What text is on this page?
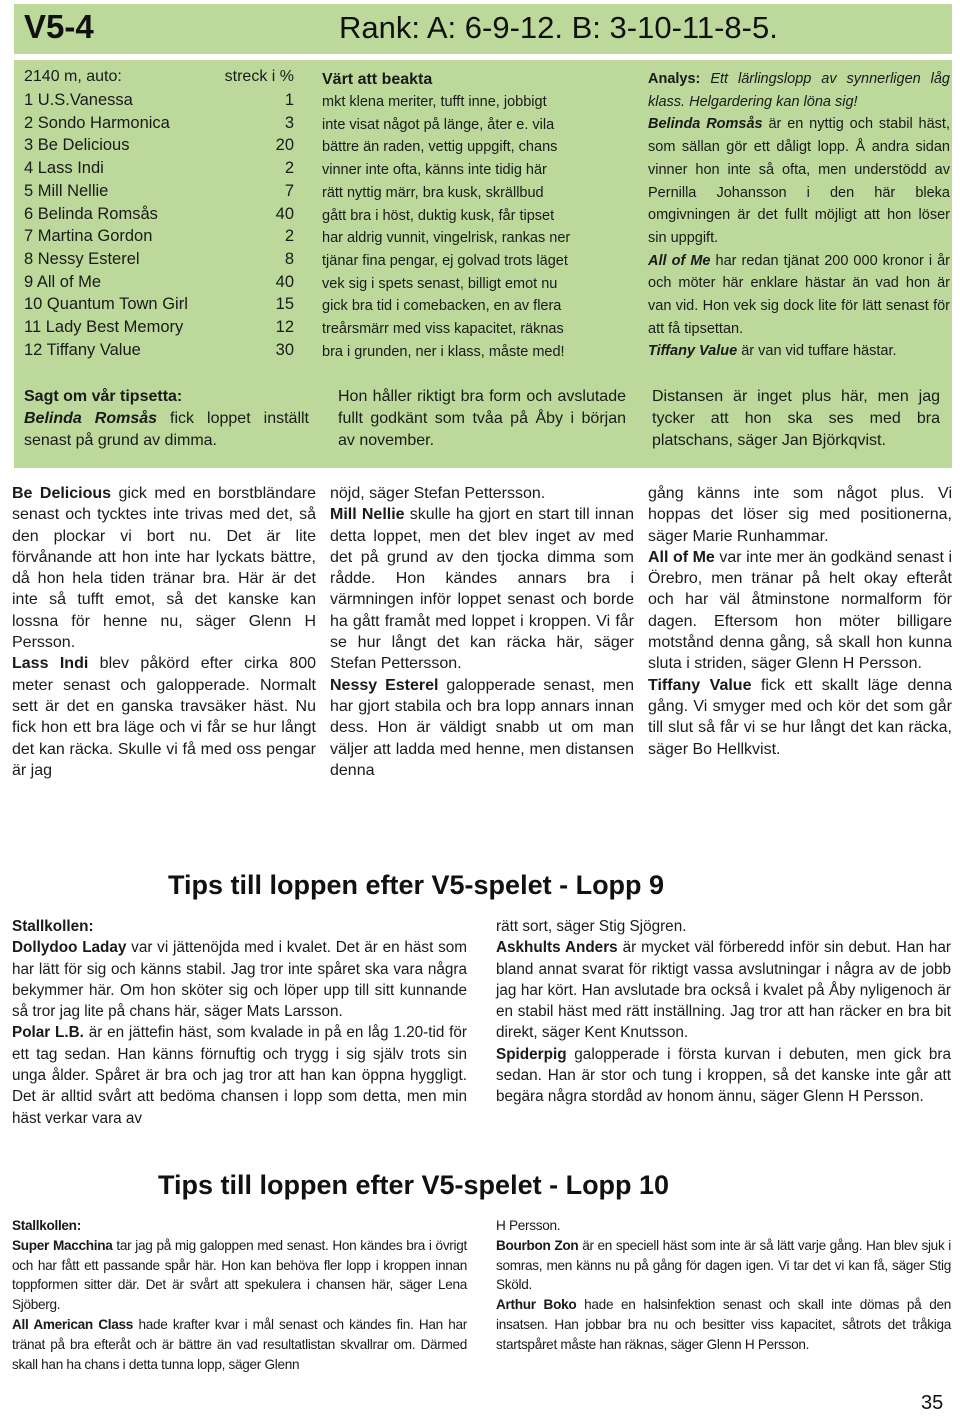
V5-4	Rank: A: 6-9-12. B: 3-10-11-8-5.
2140 m, auto:	streck i %
1 U.S.Vanessa	1
2 Sondo Harmonica	3
3 Be Delicious	20
4 Lass Indi	2
5 Mill Nellie	7
6 Belinda Romsås	40
7 Martina Gordon	2
8 Nessy Esterel	8
9 All of Me	40
10 Quantum Town Girl	15
11 Lady Best Memory	12
12 Tiffany Value	30
Värt att beakta
mkt klena meriter, tufft inne, jobbigt
inte visat något på länge, åter e. vila
bättre än raden, vettig uppgift, chans
vinner inte ofta, känns inte tidig här
rätt nyttig märr, bra kusk, skrällbud
gått bra i höst, duktig kusk, får tipset
har aldrig vunnit, vingelrisk, rankas ner
tjänar fina pengar, ej golvad trots läget
vek sig i spets senast, billigt emot nu
gick bra tid i comebacken, en av flera
treårsmärr med viss kapacitet, räknas
bra i grunden, ner i klass, måste med!
Analys: Ett lärlingslopp av synnerligen låg klass. Helgardering kan löna sig!
Belinda Romsås är en nyttig och stabil häst, som sällan gör ett dåligt lopp. Å andra sidan vinner hon inte så ofta, men understödd av Pernilla Johansson i den här bleka omgivningen är det fullt möjligt att hon löser sin uppgift.
All of Me har redan tjänat 200 000 kronor i år och möter här enklare hästar än vad hon är van vid. Hon vek sig dock lite för lätt senast för att få tipsettan.
Tiffany Value är van vid tuffare hästar.
Sagt om vår tipsetta:
Belinda Romsås fick loppet inställt senast på grund av dimma.
Hon håller riktigt bra form och avslutade fullt godkänt som tvåa på Åby i början av november.
Distansen är inget plus här, men jag tycker att hon ska ses med bra platschans, säger Jan Björkqvist.
Be Delicious gick med en borstbländare senast och tycktes inte trivas med det, så den plockar vi bort nu. Det är lite förvånande att hon inte har lyckats bättre, då hon hela tiden tränar bra. Här är det inte så tufft emot, så det kanske kan lossna för henne nu, säger Glenn H Persson.
Lass Indi blev påkörd efter cirka 800 meter senast och galopperade. Normalt sett är det en ganska travsäker häst. Nu fick hon ett bra läge och vi får se hur långt det kan räcka. Skulle vi få med oss pengar är jag
nöjd, säger Stefan Pettersson.
Mill Nellie skulle ha gjort en start till innan detta loppet, men det blev inget av med det på grund av den tjocka dimma som rådde. Hon kändes annars bra i värmningen inför loppet senast och borde ha gått framåt med loppet i kroppen. Vi får se hur långt det kan räcka här, säger Stefan Pettersson.
Nessy Esterel galopperade senast, men har gjort stabila och bra lopp annars innan dess. Hon är väldigt snabb ut om man väljer att ladda med henne, men distansen denna
gång känns inte som något plus. Vi hoppas det löser sig med positionerna, säger Marie Runhammar.
All of Me var inte mer än godkänd senast i Örebro, men tränar på helt okay efteråt och har väl åtminstone normalform för dagen. Eftersom hon möter billigare motstånd denna gång, så skall hon kunna sluta i striden, säger Glenn H Persson.
Tiffany Value fick ett skallt läge denna gång. Vi smyger med och kör det som går till slut så får vi se hur långt det kan räcka, säger Bo Hellkvist.
Tips till loppen efter V5-spelet - Lopp 9
Stallkollen:
Dollydoo Laday var vi jättenöjda med i kvalet. Det är en häst som har lätt för sig och känns stabil. Jag tror inte spåret ska vara några bekymmer här. Om hon sköter sig och löper upp till sitt kunnande så tror jag lite på chans här, säger Mats Larsson.
Polar L.B. är en jättefin häst, som kvalade in på en låg 1.20-tid för ett tag sedan. Han känns förnuftig och trygg i sig själv trots sin unga ålder. Spåret är bra och jag tror att han kan öppna hyggligt. Det är alltid svårt att bedöma chansen i lopp som detta, men min häst verkar vara av
rätt sort, säger Stig Sjögren.
Askhults Anders är mycket väl förberedd inför sin debut. Han har bland annat svarat för riktigt vassa avslutningar i några av de jobb jag har kört. Han avslutade bra också i kvalet på Åby nyligenoch är en stabil häst med rätt inställning. Jag tror att han räcker en bra bit direkt, säger Kent Knutsson.
Spiderpig galopperade i första kurvan i debuten, men gick bra sedan. Han är stor och tung i kroppen, så det kanske inte går att begära några stordåd av honom ännu, säger Glenn H Persson.
Tips till loppen efter V5-spelet - Lopp 10
Stallkollen:
Super Macchina tar jag på mig galoppen med senast. Hon kändes bra i övrigt och har fått ett passande spår här. Hon kan behöva fler lopp i kroppen innan toppformen sitter där. Det är svårt att spekulera i chansen här, säger Lena Sjöberg.
All American Class hade krafter kvar i mål senast och kändes fin. Han har tränat på bra efteråt och är bättre än vad resultatlistan skvallrar om. Därmed skall han ha chans i detta tunna lopp, säger Glenn
H Persson.
Bourbon Zon är en speciell häst som inte är så lätt varje gång. Han blev sjuk i somras, men känns nu på gång för dagen igen. Vi tar det vi kan få, säger Stig Sköld.
Arthur Boko hade en halsinfektion senast och skall inte dömas på den insatsen. Han jobbar bra nu och besitter viss kapacitet, såtrots det tråkiga startspåret måste han räknas, säger Glenn H Persson.
35
